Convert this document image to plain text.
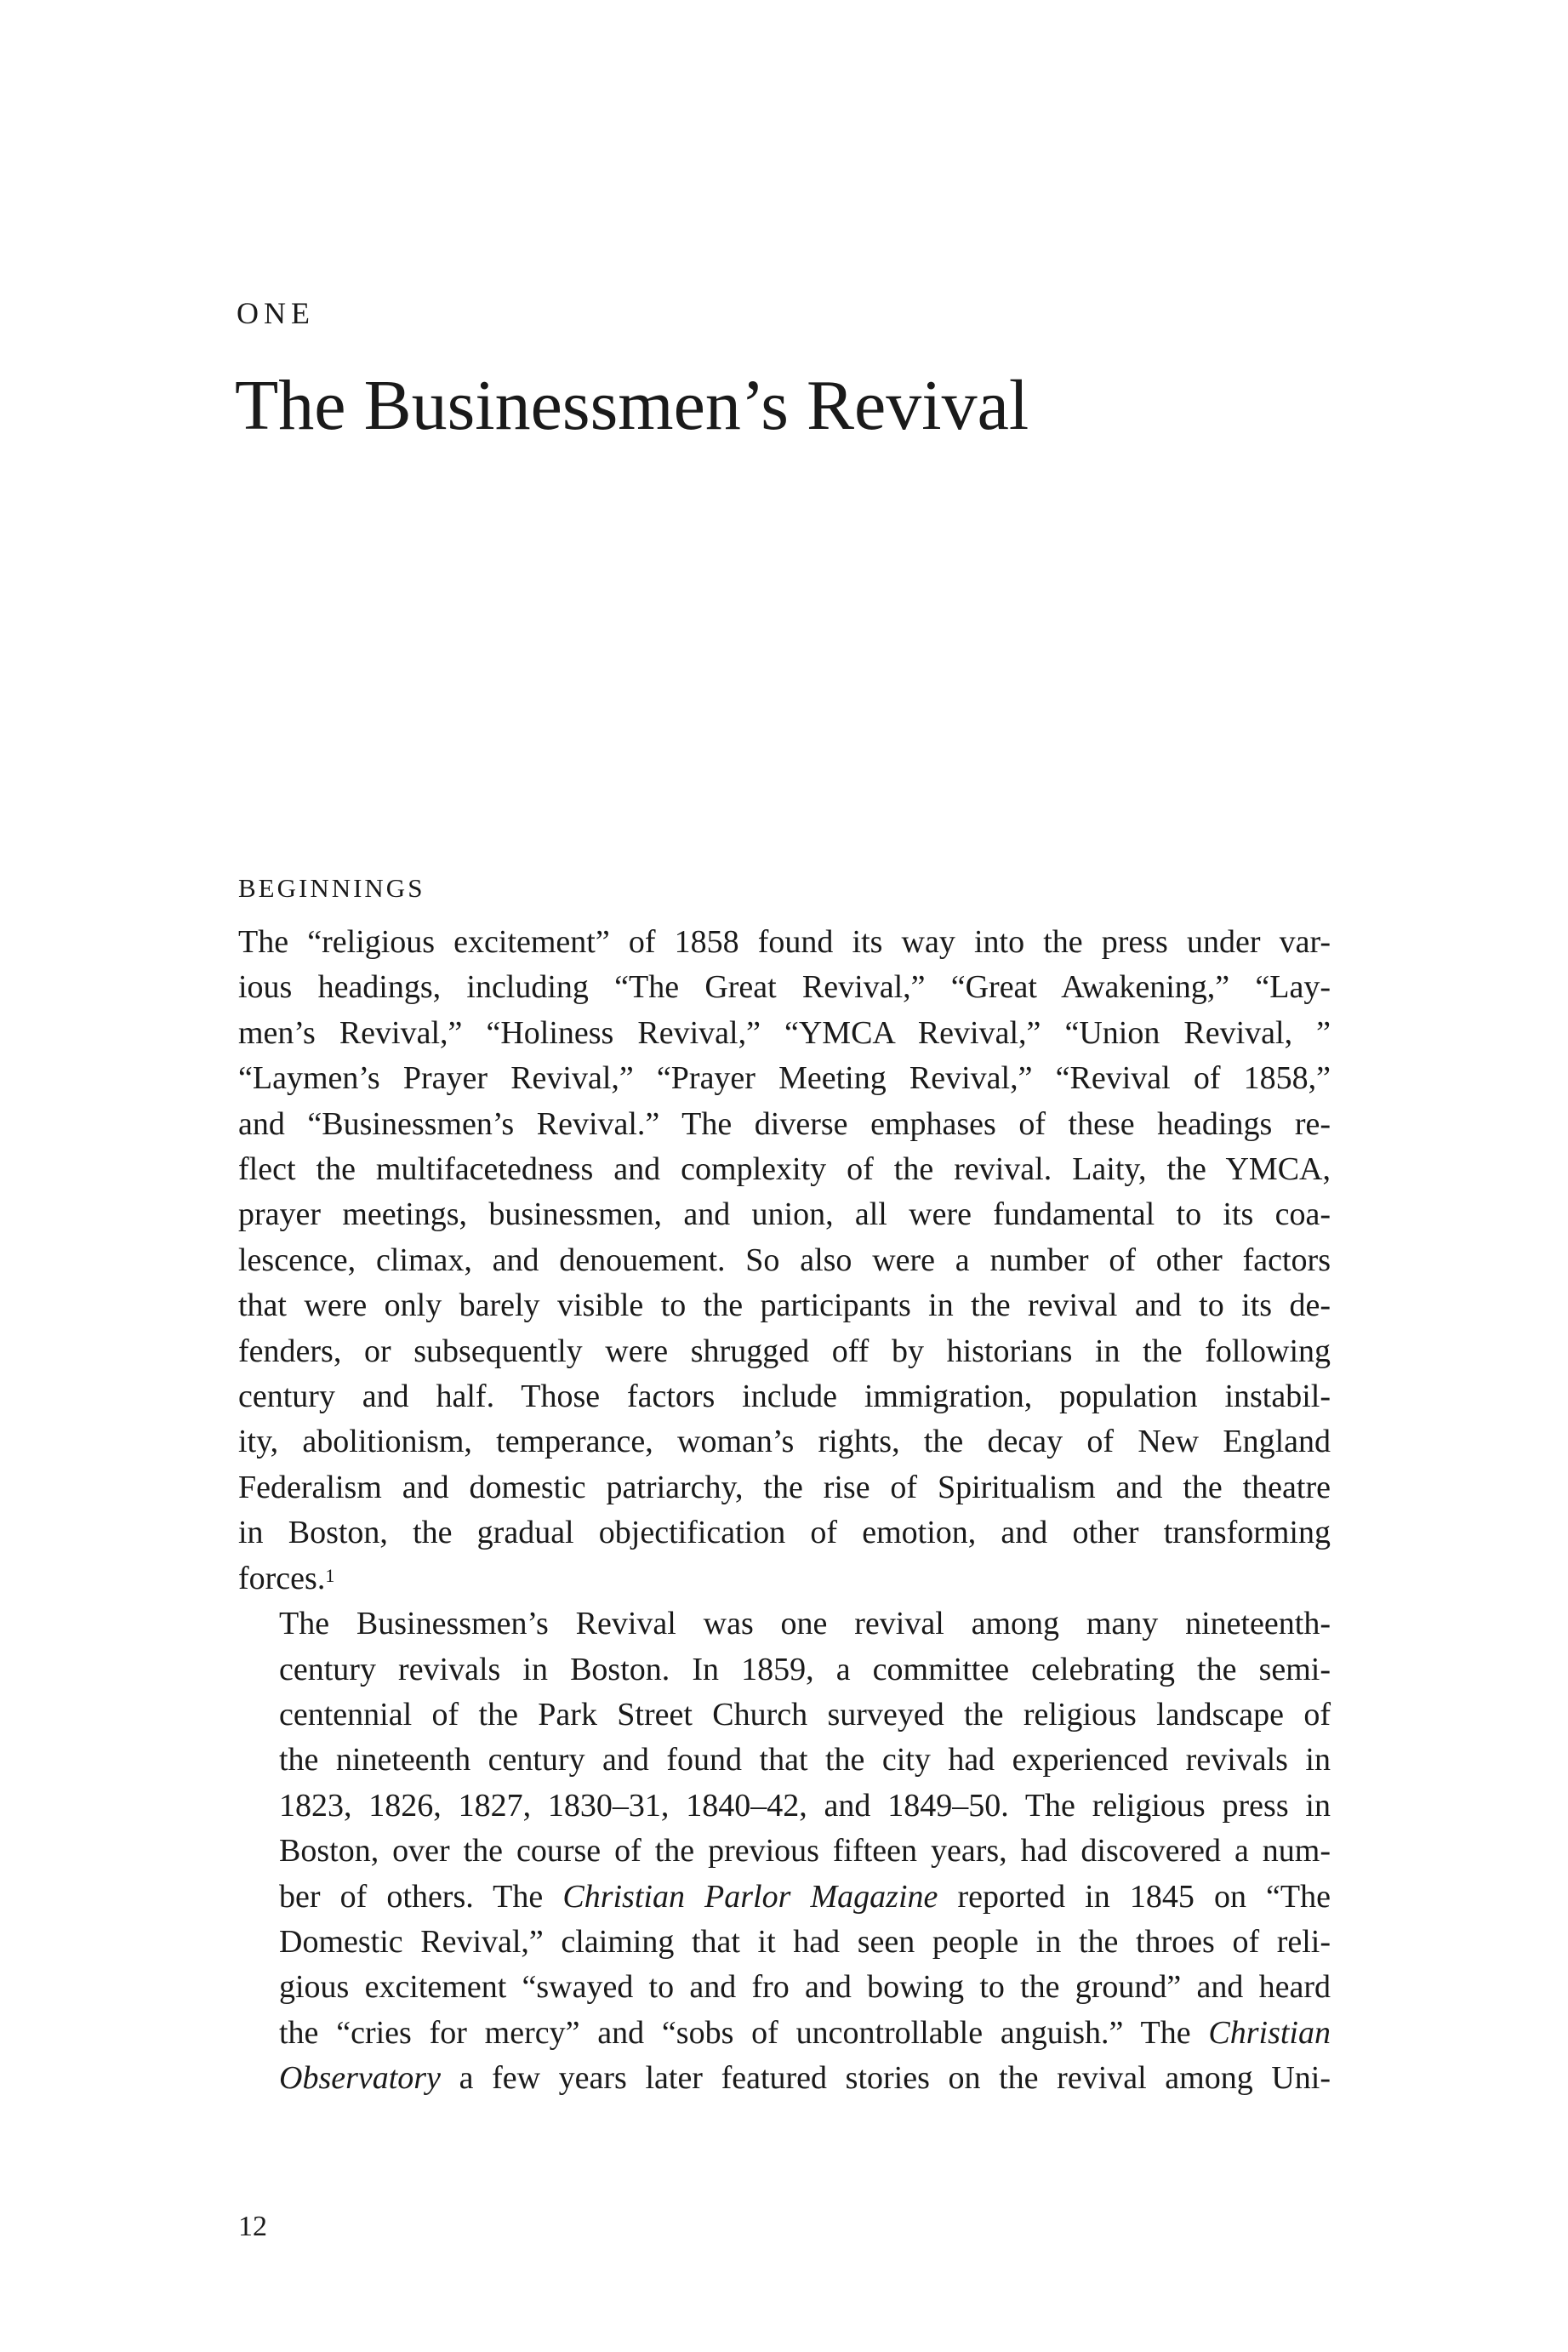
ONE
The Businessmen’s Revival
BEGINNINGS

The “religious excitement” of 1858 found its way into the press under var-
ious headings, including “The Great Revival,” “Great Awakening,” “Lay-
men’s Revival,” “Holiness Revival,” “YMCA Revival,” “Union Revival, ”
“Laymen’s Prayer Revival,” “Prayer Meeting Revival,” “Revival of 1858,”
and “Businessmen’s Revival.” The diverse emphases of these headings re-
flect the multifacetedness and complexity of the revival. Laity, the YMCA,
prayer meetings, businessmen, and union, all were fundamental to its coa-
lescence, climax, and denouement. So also were a number of other factors
that were only barely visible to the participants in the revival and to its de-
fenders, or subsequently were shrugged off by historians in the following
century and half. Those factors include immigration, population instabil-
ity, abolitionism, temperance, woman’s rights, the decay of New England
Federalism and domestic patriarchy, the rise of Spiritualism and the theatre
in Boston, the gradual objectification of emotion, and other transforming
forces.$^1$

The Businessmen’s Revival was one revival among many nineteenth-
century revivals in Boston. In 1859, a committee celebrating the semi-
centennial of the Park Street Church surveyed the religious landscape of
the nineteenth century and found that the city had experienced revivals in
1823, 1826, 1827, 1830–31, 1840–42, and 1849–50. The religious press in
Boston, over the course of the previous fifteen years, had discovered a num-
ber of others. The Christian Parlor Magazine reported in 1845 on “The
Domestic Revival,” claiming that it had seen people in the throes of reli-
gious excitement “swayed to and fro and bowing to the ground” and heard
the “cries for mercy” and “sobs of uncontrollable anguish.” The Christian
Observatory a few years later featured stories on the revival among Uni-

12
